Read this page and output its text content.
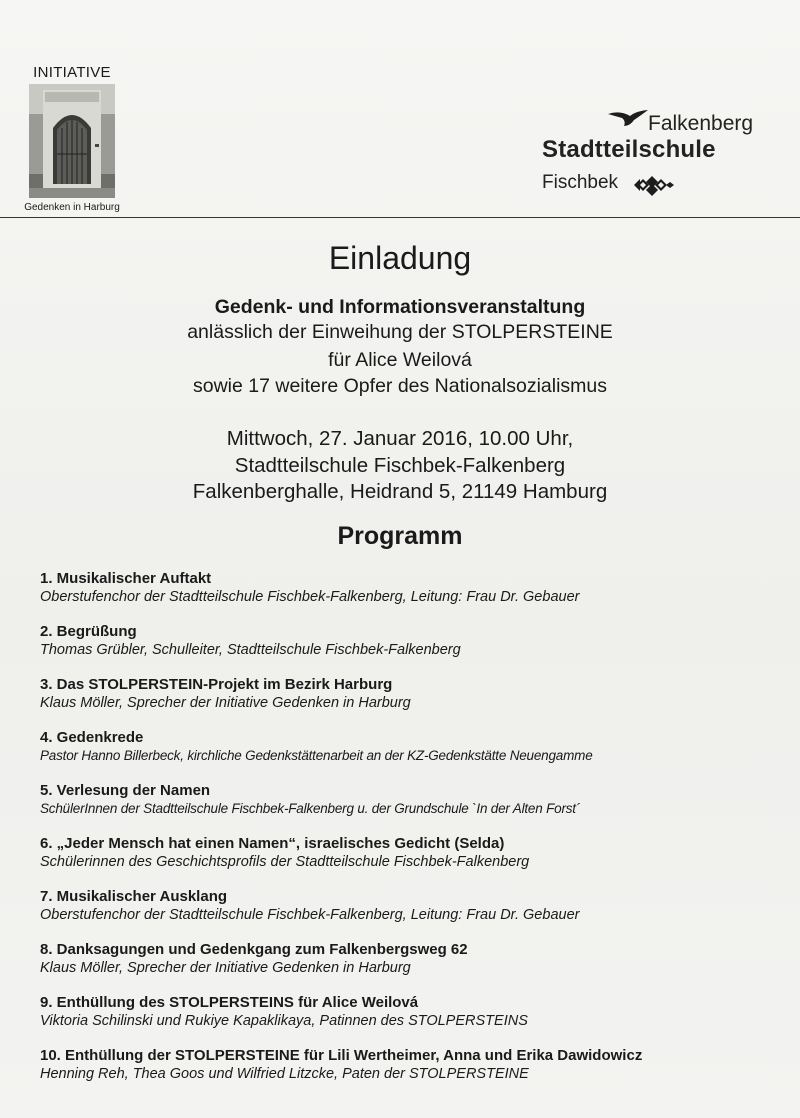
INITIATIVE
Gedenken in Harburg
Falkenberg
Stadtteilschule
Fischbek
Einladung
Gedenk- und Informationsveranstaltung
anlässlich der Einweihung der STOLPERSTEINE
für Alice Weilová
sowie 17 weitere Opfer des Nationalsozialismus
Mittwoch, 27. Januar 2016, 10.00 Uhr,
Stadtteilschule Fischbek-Falkenberg
Falkenberghalle, Heidrand 5, 21149 Hamburg
Programm
1. Musikalischer Auftakt
Oberstufenchor der Stadtteilschule Fischbek-Falkenberg, Leitung: Frau Dr. Gebauer
2. Begrüßung
Thomas Grübler, Schulleiter, Stadtteilschule Fischbek-Falkenberg
3. Das STOLPERSTEIN-Projekt im Bezirk Harburg
Klaus Möller, Sprecher der Initiative Gedenken in Harburg
4. Gedenkrede
Pastor Hanno Billerbeck, kirchliche Gedenkstättenarbeit an der KZ-Gedenkstätte Neuengamme
5. Verlesung der Namen
SchülerInnen der Stadtteilschule Fischbek-Falkenberg u. der Grundschule `In der Alten Forst´
6. „Jeder Mensch hat einen Namen“, israelisches Gedicht (Selda)
Schülerinnen des Geschichtsprofils der Stadtteilschule Fischbek-Falkenberg
7. Musikalischer Ausklang
Oberstufenchor der Stadtteilschule Fischbek-Falkenberg, Leitung: Frau Dr. Gebauer
8. Danksagungen und Gedenkgang zum Falkenbergsweg 62
Klaus Möller, Sprecher der Initiative Gedenken in Harburg
9. Enthüllung des STOLPERSTEINS für Alice Weilová
Viktoria Schilinski und Rukiye Kapaklikaya, Patinnen des STOLPERSTEINS
10. Enthüllung der STOLPERSTEINE für Lili Wertheimer, Anna und Erika Dawidowicz
Henning Reh, Thea Goos und Wilfried Litzcke, Paten der STOLPERSTEINE
